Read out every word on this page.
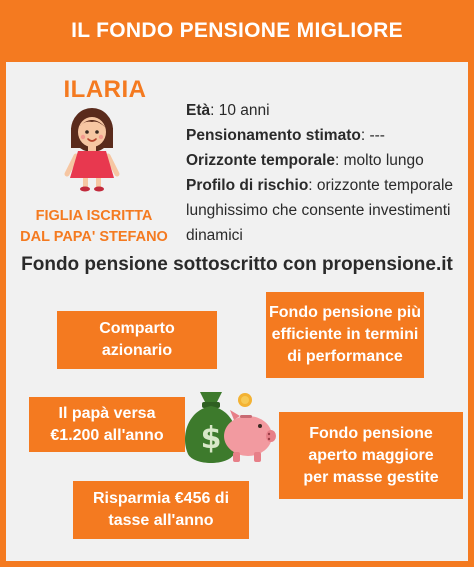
IL FONDO PENSIONE MIGLIORE
ILARIA
FIGLIA ISCRITTA
DAL PAPA' STEFANO
Età: 10 anni
Pensionamento stimato: ---
Orizzonte temporale: molto lungo
Profilo di rischio: orizzonte temporale lunghissimo che consente investimenti dinamici
Fondo pensione sottoscritto con propensione.it
Comparto
azionario
Fondo pensione più
efficiente in termini
di performance
Il papà versa
€1.200 all'anno	Fondo pensione
aperto maggiore
per masse gestite
Risparmia €456 di
tasse all'anno
$
